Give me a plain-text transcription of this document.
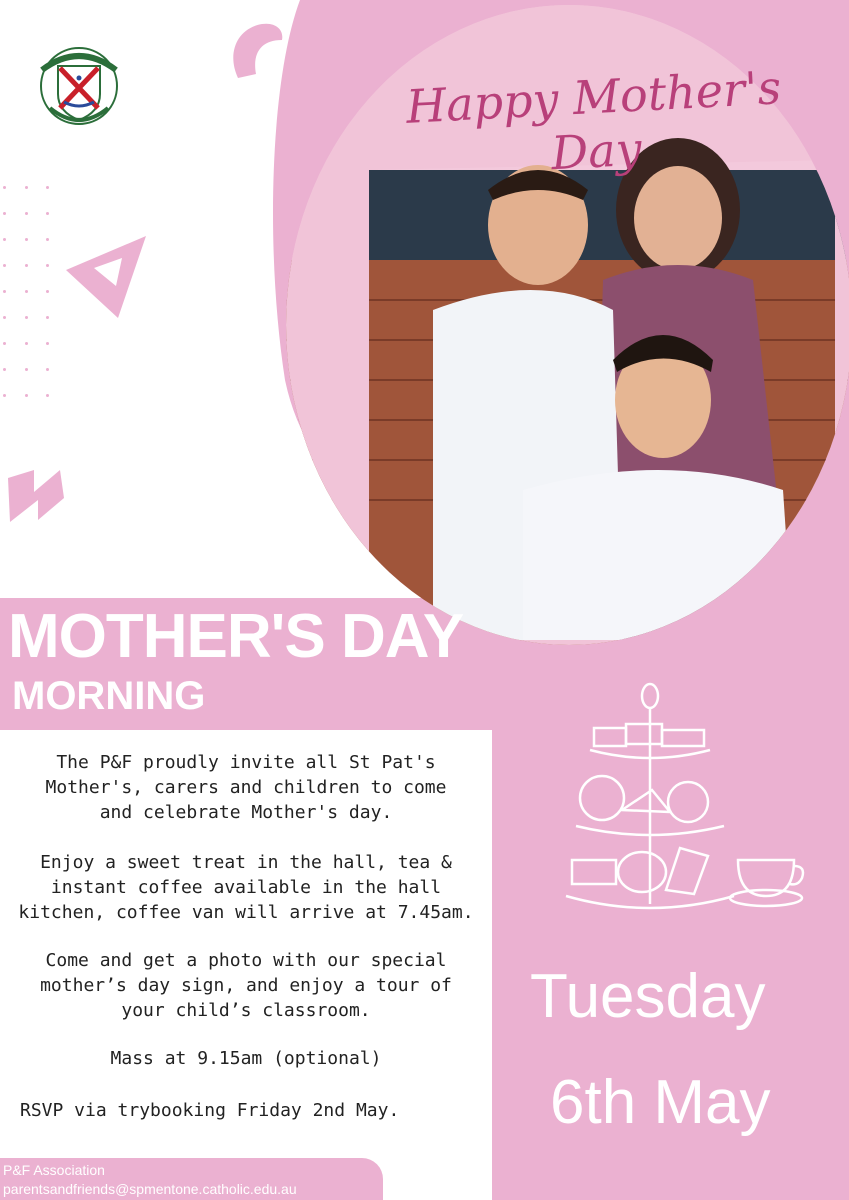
Happy Mother's Day
MOTHER'S DAY
MORNING
The P&F proudly invite all St Pat's
Mother's, carers and children to come
and celebrate Mother's day.
Enjoy a sweet treat in the hall, tea &
instant coffee available in the hall
kitchen, coffee van will arrive at 7.45am.
Come and get a photo with our special
mother’s day sign, and enjoy a tour of
your child’s classroom.
Mass at 9.15am (optional)
RSVP via trybooking Friday 2nd May.
Tuesday
6th May
P&F Association
parentsandfriends@spmentone.catholic.edu.au
